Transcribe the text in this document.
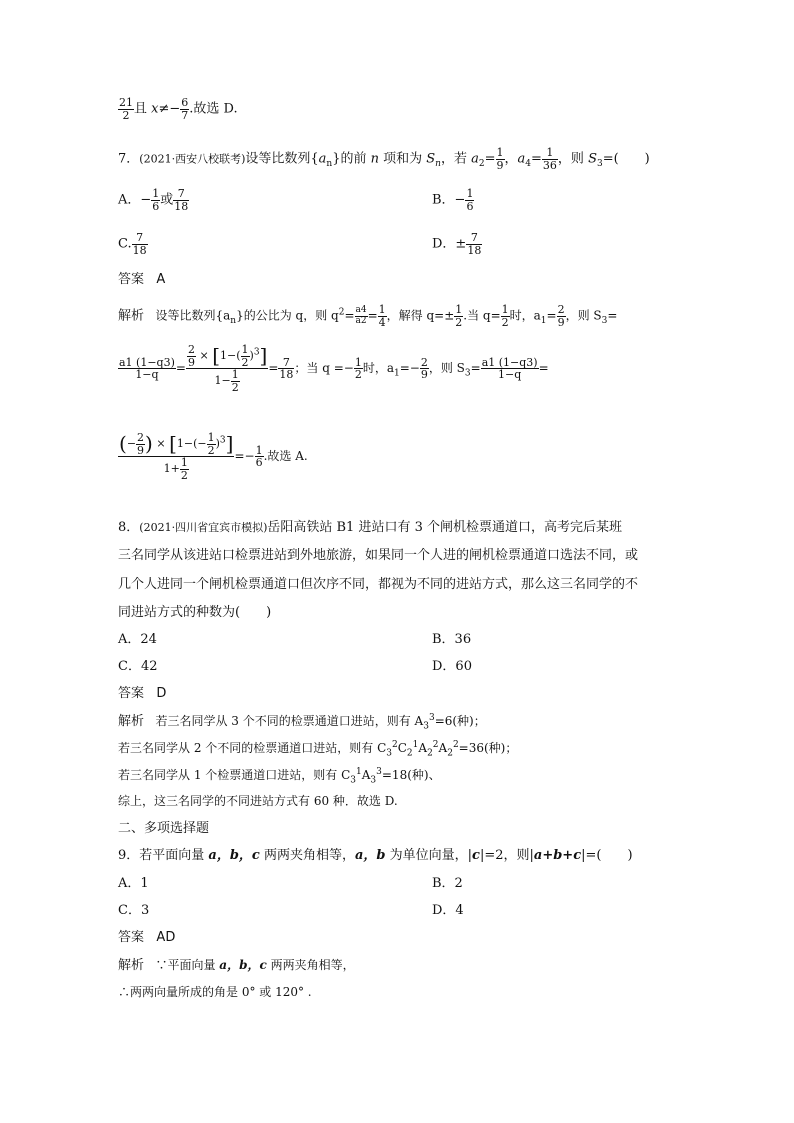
$\frac{21}{2}$ 且 $x\ne- \frac{6}{7}$ .故选 D.
7．(2021·西安八校联考)设等比数列$\{a_n\}$的前 n 项和为 $S_n$，若 $a_2= \frac{1}{9}$ ，$a_4= \frac{1}{36}$ ，则 $S_3=$(　　)
A．− $\frac{1}{6}$ 或 $\frac{7}{18}$	B．− $\frac{1}{6}$
C. $\frac{7}{18}$	D．± $\frac{7}{18}$
答案 A
解析 设等比数列$\{a_n\}$的公比为 q，则 $q^2= \frac{a4}{a2} = \frac{1}{4}$ ，解得 $q=\pm \frac{1}{2}$ .当 $q= \frac{1}{2}$ 时，$a_1= \frac{2}{9}$ ，则 $S_3=$
$\frac{a1 (1-q3)}{1-q} = \frac{\frac{2}{9} \times [1-( \frac{1}{2} )^3]}{1- \frac{1}{2}} = \frac{7}{18}$ ；当 $q =- \frac{1}{2}$ 时，$a_1=- \frac{2}{9}$ ，则 $S_3= \frac{a1 (1-q3)}{1-q}$ =
$\frac{(- \frac{2}{9} ) \times [1-(- \frac{1}{2} )^3]}{1+ \frac{1}{2}} =- \frac{1}{6}$ .故选 A.
8．(2021·四川省宜宾市模拟)岳阳高铁站 B1 进站口有 3 个闸机检票通道口，高考完后某班
三名同学从该进站口检票进站到外地旅游，如果同一个人进的闸机检票通道口选法不同，或
几个人进同一个闸机检票通道口但次序不同，都视为不同的进站方式，那么这三名同学的不
同进站方式的种数为(　　)
A．24	B．36
C．42	D．60
答案 D
解析 若三名同学从 3 个不同的检票通道口进站，则有 $A_3^3=6$(种)；
若三名同学从 2 个不同的检票通道口进站，则有 $C_3^2C_2^1A_2^2A_2^2=36$(种)；
若三名同学从 1 个检票通道口进站，则有 $C_3^1A_3^3=18$(种)、
综上，这三名同学的不同进站方式有 60 种．故选 D.
二、多项选择题
9．若平面向量 a，b，c 两两夹角相等，a，b 为单位向量，|c|=2，则|a+b+c|=(　　)
A．1	B．2
C．3	D．4
答案 AD
解析 ∵平面向量 a，b，c 两两夹角相等，
∴两两向量所成的角是 0° 或 120° .
